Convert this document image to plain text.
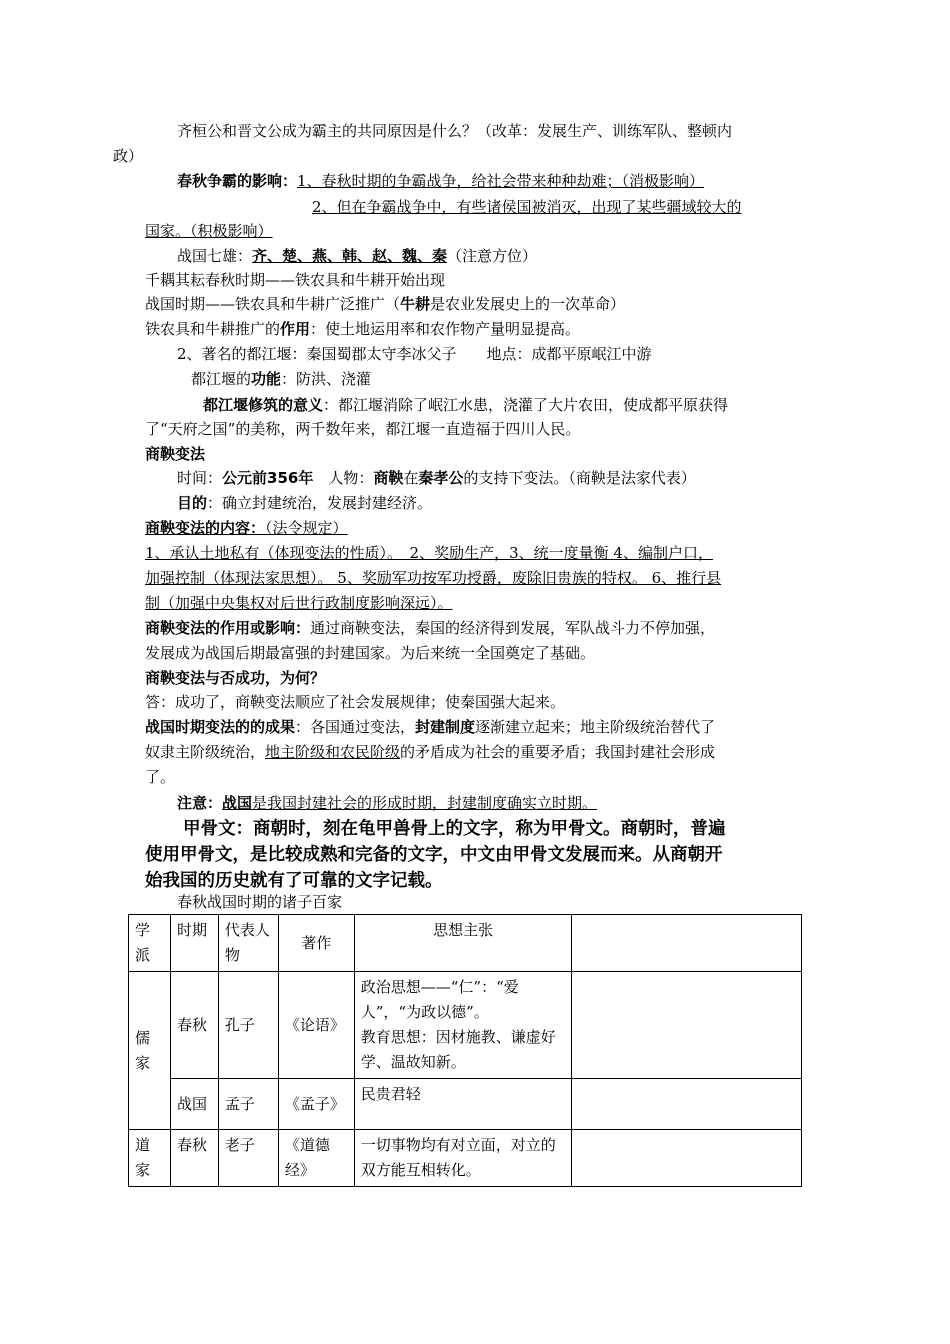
齐桓公和晋文公成为霸主的共同原因是什么？（改革：发展生产、训练军队、整顿内
政）
春秋争霸的影响：1、春秋时期的争霸战争，给社会带来种种劫难；（消极影响）
2、但在争霸战争中，有些诸侯国被消灭，出现了某些疆域较大的
国家。（积极影响）
战国七雄：齐、楚、燕、韩、赵、魏、秦（注意方位）
千耦其耘春秋时期——铁农具和牛耕开始出现
战国时期——铁农具和牛耕广泛推广（牛耕是农业发展史上的一次革命）
铁农具和牛耕推广的作用：使土地运用率和农作物产量明显提高。
2、著名的都江堰：秦国蜀郡太守李冰父子　　地点：成都平原岷江中游
都江堰的功能：防洪、浇灌
都江堰修筑的意义：都江堰消除了岷江水患，浇灌了大片农田，使成都平原获得
了“天府之国”的美称，两千数年来，都江堰一直造福于四川人民。
商鞅变法
时间：公元前356年　人物：商鞅在秦孝公的支持下变法。（商鞅是法家代表）
目的：确立封建统治，发展封建经济。
商鞅变法的内容：（法令规定）
1、承认土地私有（体现变法的性质）。　2、奖励生产，3、统一度量衡 4、编制户口，
加强控制（体现法家思想）。 5、奖励军功按军功授爵，废除旧贵族的特权。 6、推行县
制（加强中央集权对后世行政制度影响深远）。
商鞅变法的作用或影响：通过商鞅变法，秦国的经济得到发展，军队战斗力不停加强，
发展成为战国后期最富强的封建国家。为后来统一全国奠定了基础。
商鞅变法与否成功，为何？
答：成功了，商鞅变法顺应了社会发展规律；使秦国强大起来。
战国时期变法的的成果：各国通过变法，封建制度逐渐建立起来；地主阶级统治替代了
奴隶主阶级统治，地主阶级和农民阶级的矛盾成为社会的重要矛盾；我国封建社会形成
了。
注意：战国是我国封建社会的形成时期，封建制度确实立时期。
甲骨文：商朝时，刻在龟甲兽骨上的文字，称为甲骨文。商朝时，普遍
使用甲骨文，是比较成熟和完备的文字，中文由甲骨文发展而来。从商朝开
始我国的历史就有了可靠的文字记载。
春秋战国时期的诸子百家
学派	时期	代表人物	著作	思想主张	
儒家	春秋	孔子	《论语》	政治思想——“仁”：“爱人”，“为政以德”。
教育思想：因材施教、谦虚好学、温故知新。	

	战国	孟子	《孟子》	民贵君轻	
道家	春秋	老子	《道德经》	一切事物均有对立面，对立的双方能互相转化。	
